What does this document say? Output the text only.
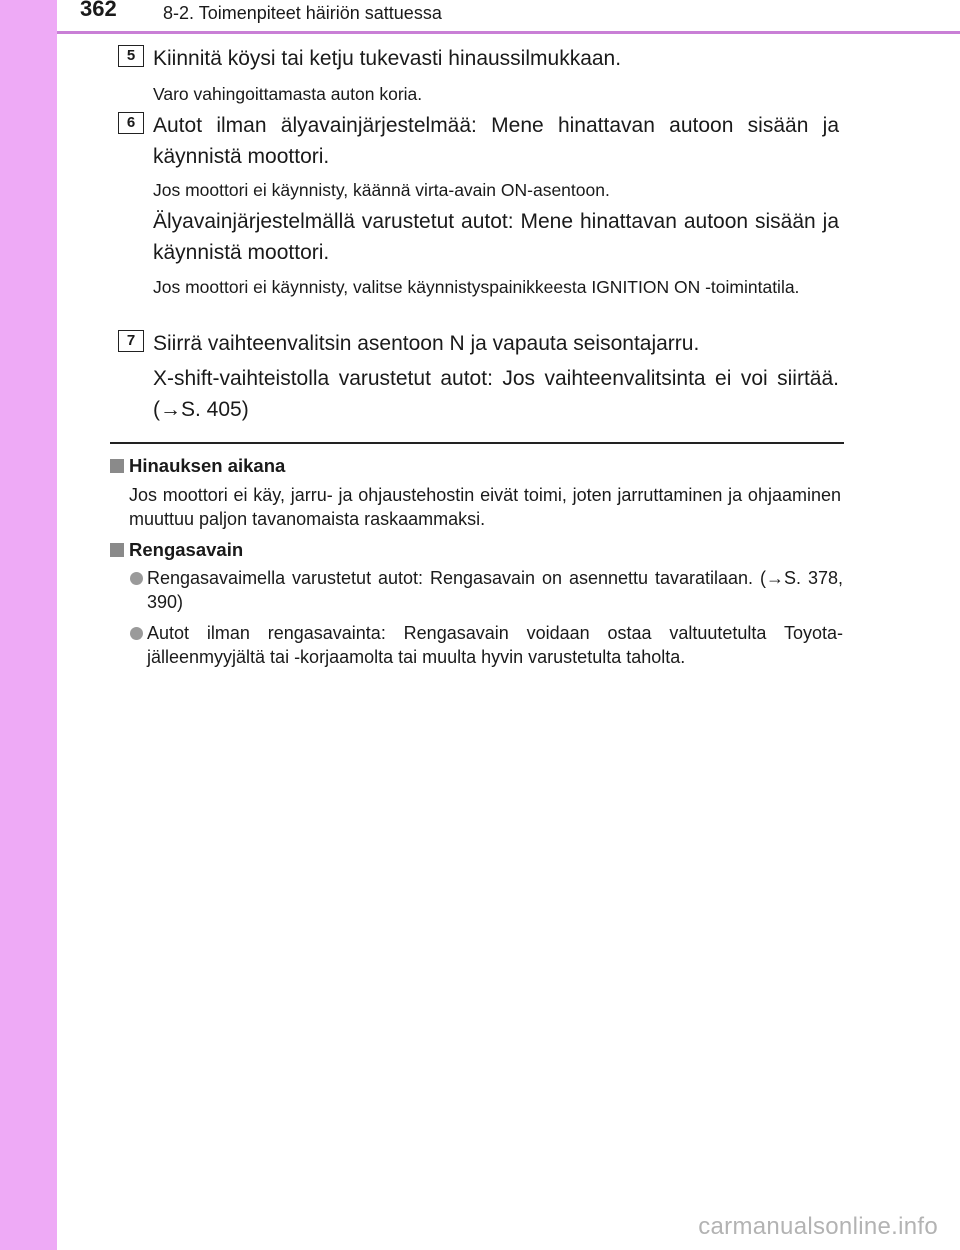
362	8-2. Toimenpiteet häiriön sattuessa
5 Kiinnitä köysi tai ketju tukevasti hinaussilmukkaan.
Varo vahingoittamasta auton koria.
6 Autot ilman älyavainjärjestelmää: Mene hinattavan autoon sisään ja käynnistä moottori.
Jos moottori ei käynnisty, käännä virta-avain ON-asentoon.
Älyavainjärjestelmällä varustetut autot: Mene hinattavan autoon sisään ja käynnistä moottori.
Jos moottori ei käynnisty, valitse käynnistyspainikkeesta IGNITION ON -toimintatila.
7 Siirrä vaihteenvalitsin asentoon N ja vapauta seisontajarru.
X-shift-vaihteistolla varustetut autot: Jos vaihteenvalitsinta ei voi siirtää. (→S. 405)
Hinauksen aikana
Jos moottori ei käy, jarru- ja ohjaustehostin eivät toimi, joten jarruttaminen ja ohjaaminen muuttuu paljon tavanomaista raskaammaksi.
Rengasavain
Rengasavaimella varustetut autot: Rengasavain on asennettu tavaratilaan. (→S. 378, 390)
Autot ilman rengasavainta: Rengasavain voidaan ostaa valtuutetulta Toyota-jälleenmyyjältä tai -korjaamolta tai muulta hyvin varustetulta taholta.
carmanualsonline.info
